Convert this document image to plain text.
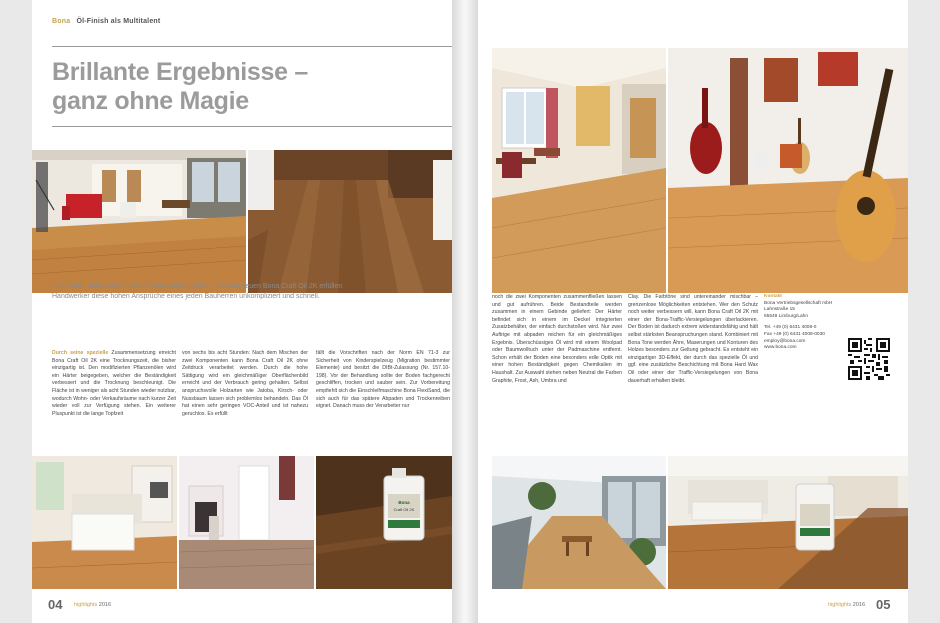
Bona Öl-Finish als Multitalent
Brillante Ergebnisse –
ganz ohne Magie
Edle Optik, individuelles Design und Langlebigkeit – mit dem neuen Bona Craft Oil 2K erfüllen
Handwerker diese hohen Ansprüche eines jeden Bauherren unkompliziert und schnell.
Durch seine spezielle Zusammensetzung erreicht Bona Craft Oil 2K eine Trocknungszeit, die bisher einzigartig ist. Den modifizierten Pflanzenölen wird ein Härter beigegeben, welcher die Beständigkeit verbessert und die Trocknung beschleunigt. Die Fläche ist in weniger als acht Stunden wieder nutzbar, wodurch Wohn- oder Verkaufsräume nach kurzer Zeit wieder voll zur Verfügung stehen. Ein weiterer Pluspunkt ist die lange Topfzeit
von sechs bis acht Stunden: Nach dem Mischen der zwei Komponenten kann Bona Craft Oil 2K ohne Zeitdruck verarbeitet werden. Durch die hohe Sättigung wird ein gleichmäßiger Oberflächenbild erreicht und der Verbrauch gering gehalten. Selbst anspruchsvolle Holzarten wie Jatoba, Kirsch- oder Nussbaum lassen sich problemlos behandeln. Das Öl hat einen sehr geringen VOC-Anteil und ist nahezu geruchlos. Es erfüllt
fällt die Vorschriften nach der Norm EN 71-3 zur Sicherheit von Kinderspielzeug (Migration bestimmter Elemente) und besitzt die DIBt-Zulassung (Nr. 157.10-198). Vor der Behandlung sollte der Boden fachgerecht geschliffen, trocken und sauber sein. Zur Vorbereitung empfiehlt sich die Einschleifmaschine Bona FlexiSand, die sich auch für das spätere Abpaden und Trockenreiben eignet. Danach muss der Verarbeiter nur
Bona
Craft Oil 2K
04 highlights 2016
noch die zwei Komponenten zusammenfließen lassen und gut aufrühren. Beide Bestandteile werden zusammen in einem Gebinde geliefert: Der Härter befindet sich in einem im Deckel integrierten Zusatzbehälter, der einfach durchstoßen wird. Nur zwei Auftrige mit abpaden reichen für ein gleichmäßiges Ergebnis. Überschüssiges Öl wird mit einem Woolpad oder Baumwolltuch unter der Padmaschine entfernt. Schon erhält der Boden eine besonders edle Optik mit einer hohen Beständigkeit gegen Chemikalien im Haushalt. Zur Auswahl stehen neben Neutral die Farben Graphite, Frost, Ash, Umbra und
Clay. Die Farbtöne sind untereinander mischbar – grenzenlose Möglichkeiten entstehen. Wer den Schutz noch weiter verbessern will, kann Bona Craft Oil 2K mit einer der Bona-Traffic-Versiegelungen überlackieren. Der Boden ist dadurch extrem widerstandsfähig und hält selbst stärksten Beanspruchungen stand. Kombiniert mit Bona Tone werden Ähre, Maserungen und Konturen des Holzes besonders zur Geltung gebracht. Es entsteht ein einzigartiger 3D-Effekt, der durch das spezielle Öl und ggf. eine zusätzliche Beschichtung mit Bona Hard Wax Oil oder einer der Traffic-Versiegelungen von Bona dauerhaft erhalten bleibt.
Kontakt
Bona Vertriebsgesellschaft mbH
Lahnstraße 15
65549 Limburg/Lahn
Tel. +49 (0) 6431 4008-0
Fax +49 (0) 6431 4008-0030
employ@bona.com
www.bona.com
highlights 2016 05
